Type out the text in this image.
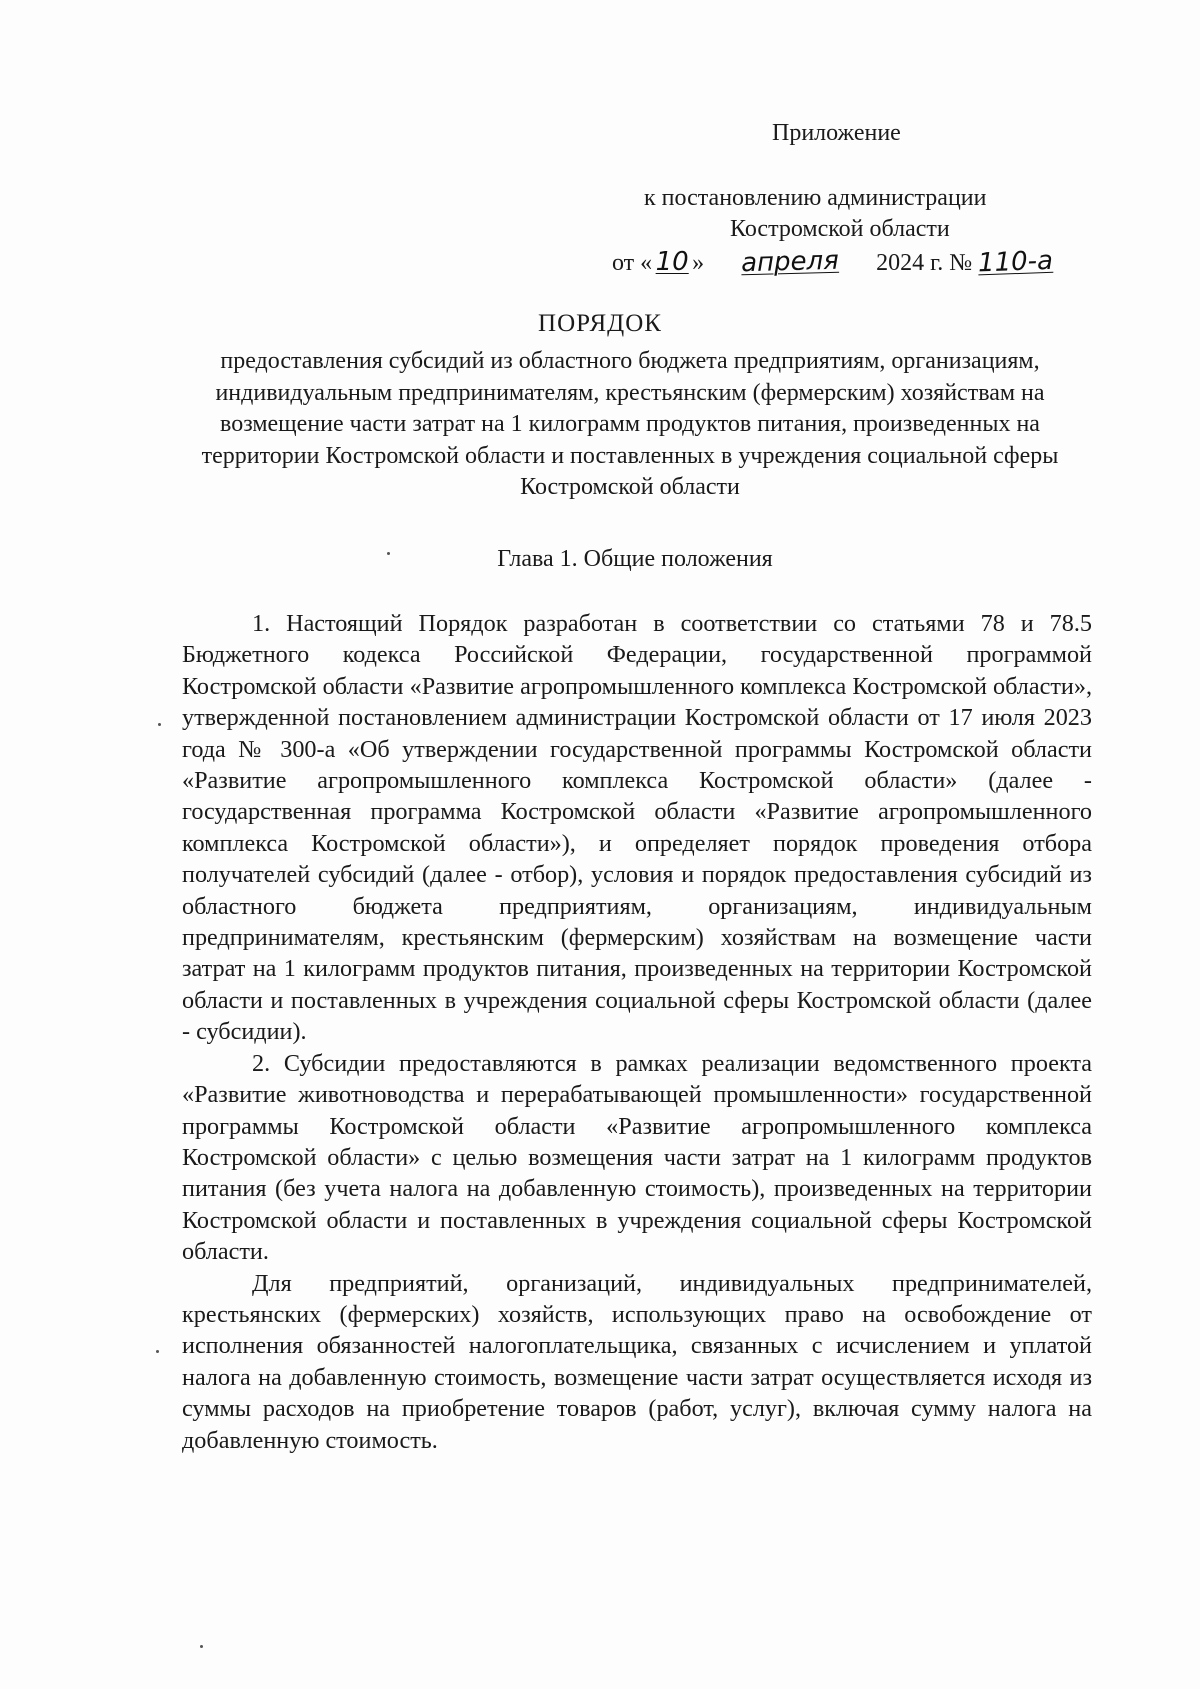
Приложение
к постановлению администрации
Костромской области
от « 10 » апреля 2024 г. № 110-а
ПОРЯДОК
предоставления субсидий из областного бюджета предприятиям, организациям, индивидуальным предпринимателям, крестьянским (фермерским) хозяйствам на возмещение части затрат на 1 килограмм продуктов питания, произведенных на территории Костромской области и поставленных в учреждения социальной сферы Костромской области
Глава 1. Общие положения

1. Настоящий Порядок разработан в соответствии со статьями 78 и 78.5 Бюджетного кодекса Российской Федерации, государственной программой Костромской области «Развитие агропромышленного комплекса Костромской области», утвержденной постановлением администрации Костромской области от 17 июля 2023 года № 300-а «Об утверждении государственной программы Костромской области «Развитие агропромышленного комплекса Костромской области» (далее - государственная программа Костромской области «Развитие агропромышленного комплекса Костромской области»), и определяет порядок проведения отбора получателей субсидий (далее - отбор), условия и порядок предоставления субсидий из областного бюджета предприятиям, организациям, индивидуальным предпринимателям, крестьянским (фермерским) хозяйствам на возмещение части затрат на 1 килограмм продуктов питания, произведенных на территории Костромской области и поставленных в учреждения социальной сферы Костромской области (далее - субсидии).

2. Субсидии предоставляются в рамках реализации ведомственного проекта «Развитие животноводства и перерабатывающей промышленности» государственной программы Костромской области «Развитие агропромышленного комплекса Костромской области» с целью возмещения части затрат на 1 килограмм продуктов питания (без учета налога на добавленную стоимость), произведенных на территории Костромской области и поставленных в учреждения социальной сферы Костромской области.

Для предприятий, организаций, индивидуальных предпринимателей, крестьянских (фермерских) хозяйств, использующих право на освобождение от исполнения обязанностей налогоплательщика, связанных с исчислением и уплатой налога на добавленную стоимость, возмещение части затрат осуществляется исходя из суммы расходов на приобретение товаров (работ, услуг), включая сумму налога на добавленную стоимость.
